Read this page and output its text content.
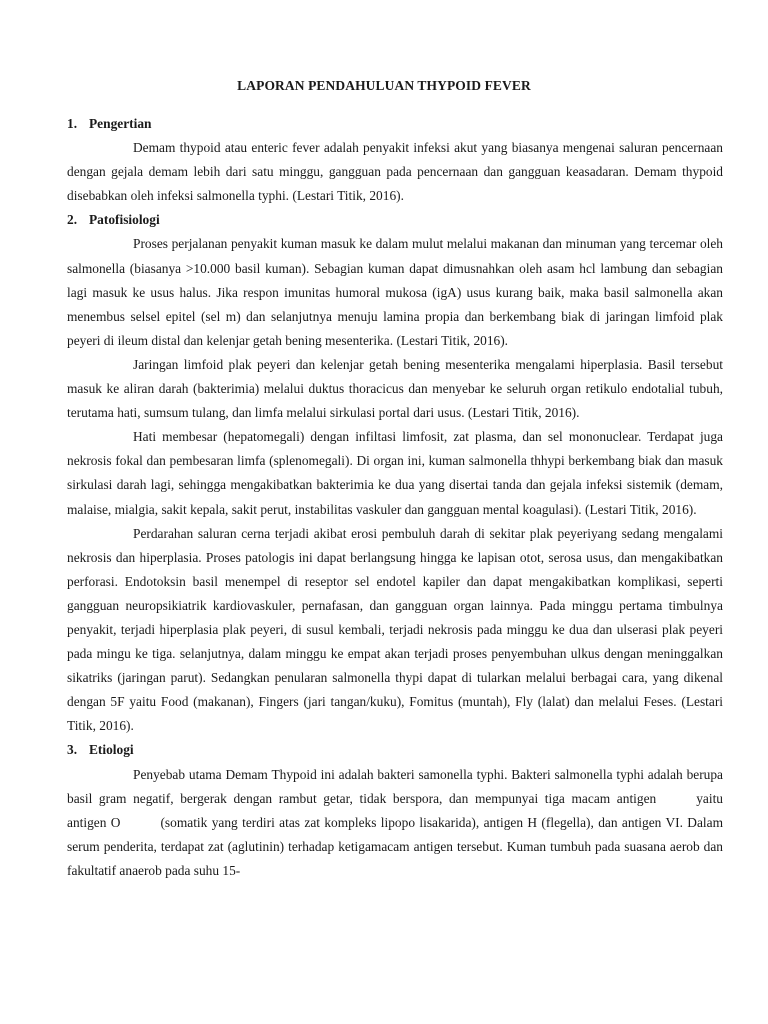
LAPORAN PENDAHULUAN THYPOID FEVER
1. Pengertian

Demam thypoid atau enteric fever adalah penyakit infeksi akut yang biasanya mengenai saluran pencernaan dengan gejala demam lebih dari satu minggu, gangguan pada pencernaan dan gangguan keasadaran. Demam thypoid disebabkan oleh infeksi salmonella typhi. (Lestari Titik, 2016).

2. Patofisiologi

Proses perjalanan penyakit kuman masuk ke dalam mulut melalui makanan dan minuman yang tercemar oleh salmonella (biasanya >10.000 basil kuman). Sebagian kuman dapat dimusnahkan oleh asam hcl lambung dan sebagian lagi masuk ke usus halus. Jika respon imunitas humoral mukosa (igA) usus kurang baik, maka basil salmonella akan menembus selsel epitel (sel m) dan selanjutnya menuju lamina propia dan berkembang biak di jaringan limfoid plak peyeri di ileum distal dan kelenjar getah bening mesenterika. (Lestari Titik, 2016).

Jaringan limfoid plak peyeri dan kelenjar getah bening mesenterika mengalami hiperplasia. Basil tersebut masuk ke aliran darah (bakterimia) melalui duktus thoracicus dan menyebar ke seluruh organ retikulo endotalial tubuh, terutama hati, sumsum tulang, dan limfa melalui sirkulasi portal dari usus. (Lestari Titik, 2016).

Hati membesar (hepatomegali) dengan infiltasi limfosit, zat plasma, dan sel mononuclear. Terdapat juga nekrosis fokal dan pembesaran limfa (splenomegali). Di organ ini, kuman salmonella thhypi berkembang biak dan masuk sirkulasi darah lagi, sehingga mengakibatkan bakterimia ke dua yang disertai tanda dan gejala infeksi sistemik (demam, malaise, mialgia, sakit kepala, sakit perut, instabilitas vaskuler dan gangguan mental koagulasi). (Lestari Titik, 2016).

Perdarahan saluran cerna terjadi akibat erosi pembuluh darah di sekitar plak peyeriyang sedang mengalami nekrosis dan hiperplasia. Proses patologis ini dapat berlangsung hingga ke lapisan otot, serosa usus, dan mengakibatkan perforasi. Endotoksin basil menempel di reseptor sel endotel kapiler dan dapat mengakibatkan komplikasi, seperti gangguan neuropsikiatrik kardiovaskuler, pernafasan, dan gangguan organ lainnya. Pada minggu pertama timbulnya penyakit, terjadi hiperplasia plak peyeri, di susul kembali, terjadi nekrosis pada minggu ke dua dan ulserasi plak peyeri pada mingu ke tiga. selanjutnya, dalam minggu ke empat akan terjadi proses penyembuhan ulkus dengan meninggalkan sikatriks (jaringan parut). Sedangkan penularan salmonella thypi dapat di tularkan melalui berbagai cara, yang dikenal dengan 5F yaitu Food (makanan), Fingers (jari tangan/kuku), Fomitus (muntah), Fly (lalat) dan melalui Feses. (Lestari Titik, 2016).

3. Etiologi

Penyebab utama Demam Thypoid ini adalah bakteri samonella typhi. Bakteri salmonella typhi adalah berupa basil gram negatif, bergerak dengan rambut getar, tidak berspora, dan mempunyai tiga macam antigen	yaitu antigen O	(somatik yang terdiri atas zat kompleks lipopo lisakarida), antigen H (flegella), dan antigen VI. Dalam serum penderita, terdapat zat (aglutinin) terhadap ketigamacam antigen tersebut. Kuman tumbuh pada suasana aerob dan fakultatif anaerob pada suhu 15-
